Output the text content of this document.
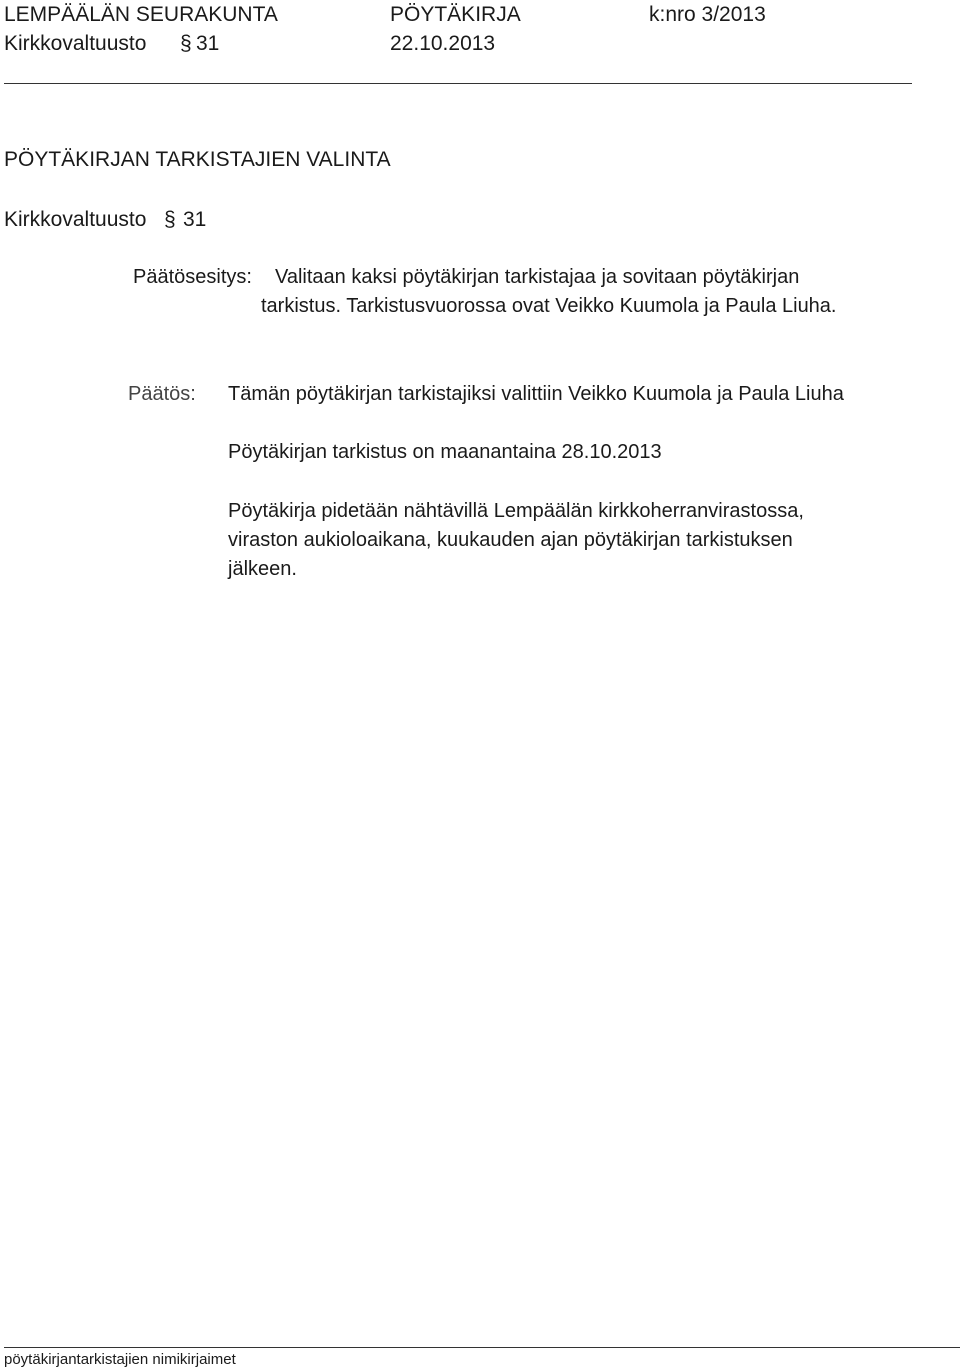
LEMPÄÄLÄN SEURAKUNTA	PÖYTÄKIRJA	k:nro 3/2013
Kirkkovaltuusto § 31	22.10.2013
PÖYTÄKIRJAN TARKISTAJIEN VALINTA
Kirkkovaltuusto § 31
Päätösesitys: Valitaan kaksi pöytäkirjan tarkistajaa ja sovitaan pöytäkirjan
tarkistus. Tarkistusvuorossa ovat Veikko Kuumola ja Paula Liuha.
Päätös: Tämän pöytäkirjan tarkistajiksi valittiin Veikko Kuumola ja Paula Liuha
Pöytäkirjan tarkistus on maanantaina 28.10.2013
Pöytäkirja pidetään nähtävillä Lempäälän kirkkoherranvirastossa,
viraston aukioloaikana, kuukauden ajan pöytäkirjan tarkistuksen
jälkeen.
pöytäkirjantarkistajien nimikirjaimet
